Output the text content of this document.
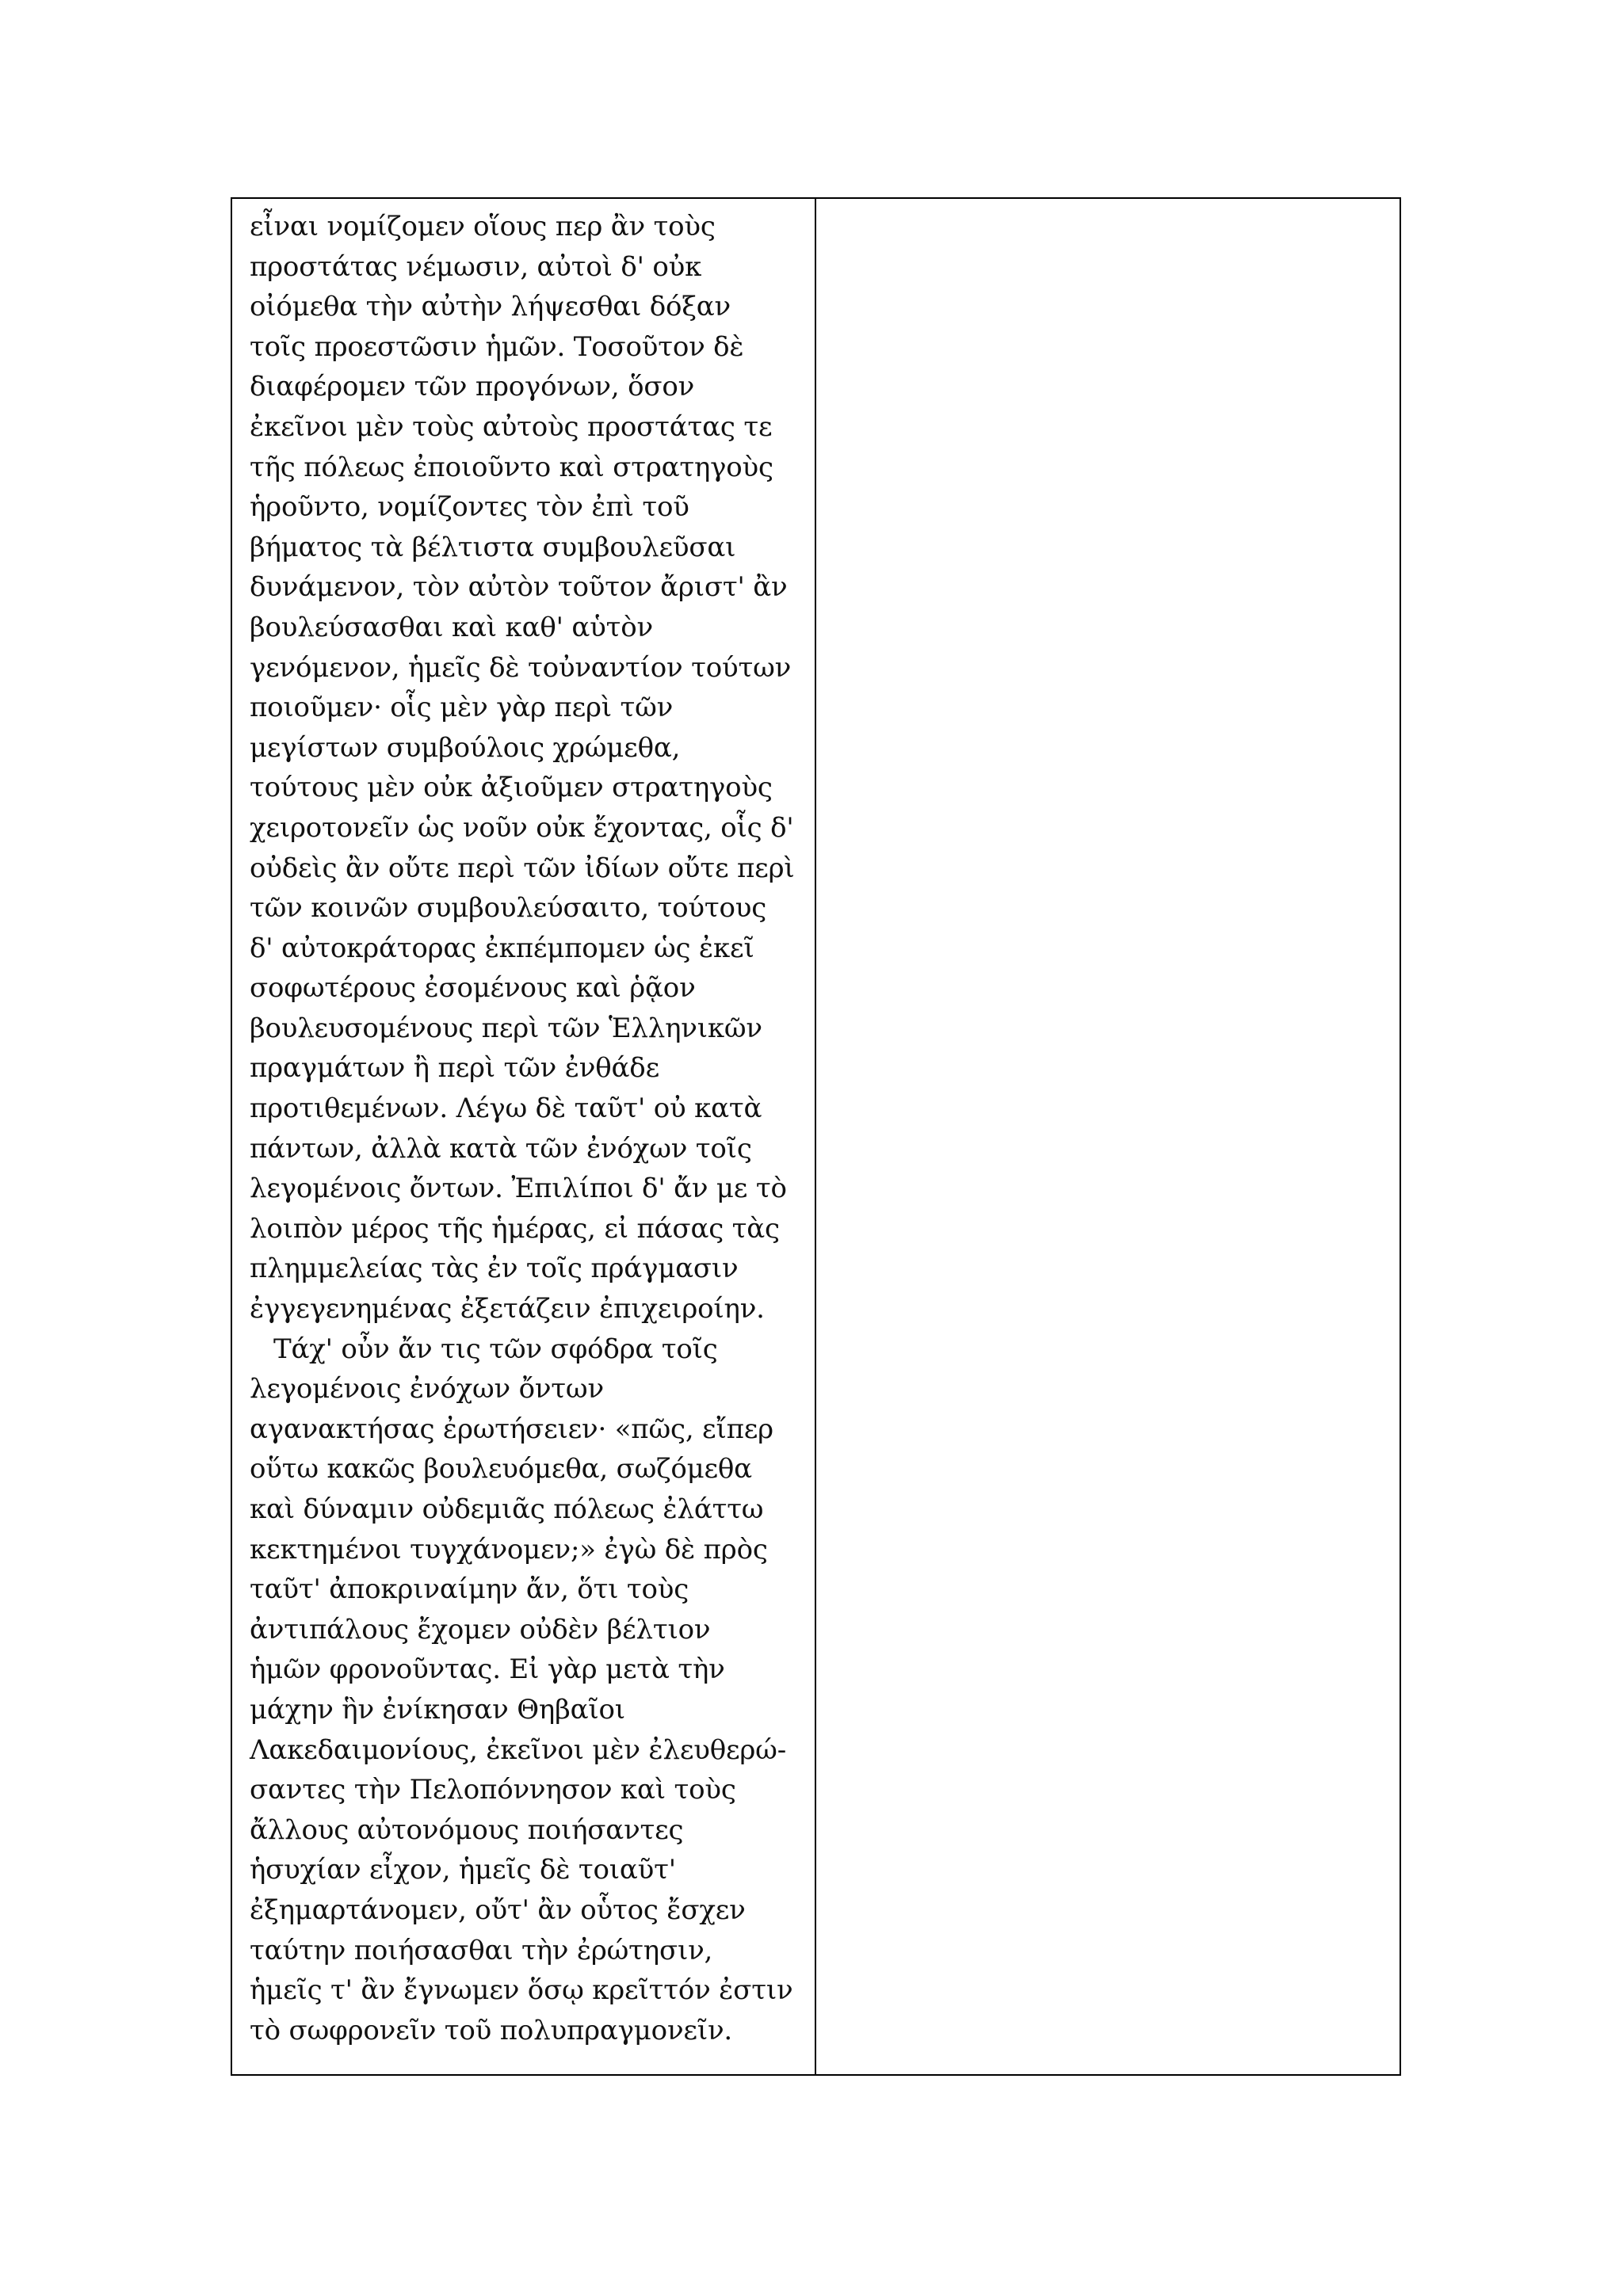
εἶναι νομίζομεν οἵους περ ἂν τοὺς
προστάτας νέμωσιν, αὐτοὶ δ' οὐκ
οἰόμεθα τὴν αὐτὴν λήψεσθαι δόξαν
τοῖς προεστῶσιν ἡμῶν. Τοσοῦτον δὲ
διαφέρομεν τῶν προγόνων, ὅσον
ἐκεῖνοι μὲν τοὺς αὐτοὺς προστάτας τε
τῆς πόλεως ἐποιοῦντο καὶ στρατηγοὺς
ἡροῦντο, νομίζοντες τὸν ἐπὶ τοῦ
βήματος τὰ βέλτιστα συμβουλεῦσαι
δυνάμενον, τὸν αὐτὸν τοῦτον ἄριστ' ἂν
βουλεύσασθαι καὶ καθ' αὑτὸν
γενόμενον, ἡμεῖς δὲ τοὐναντίον τούτων
ποιοῦμεν· οἷς μὲν γὰρ περὶ τῶν
μεγίστων συμβούλοις χρώμεθα,
τούτους μὲν οὐκ ἀξιοῦμεν στρατηγοὺς
χειροτονεῖν ὡς νοῦν οὐκ ἔχοντας, οἷς δ'
οὐδεὶς ἂν οὔτε περὶ τῶν ἰδίων οὔτε περὶ
τῶν κοινῶν συμβουλεύσαιτο, τούτους
δ' αὐτοκράτορας ἐκπέμπομεν ὡς ἐκεῖ
σοφωτέρους ἐσομένους καὶ ῥᾷον
βουλευσομένους περὶ τῶν Ἑλληνικῶν
πραγμάτων ἢ περὶ τῶν ἐνθάδε
προτιθεμένων. Λέγω δὲ ταῦτ' οὐ κατὰ
πάντων, ἀλλὰ κατὰ τῶν ἐνόχων τοῖς
λεγομένοις ὄντων. Ἐπιλίποι δ' ἄν με τὸ
λοιπὸν μέρος τῆς ἡμέρας, εἰ πάσας τὰς
πλημμελείας τὰς ἐν τοῖς πράγμασιν
ἐγγεγενημένας ἐξετάζειν ἐπιχειροίην.
Τάχ' οὖν ἄν τις τῶν σφόδρα τοῖς
λεγομένοις ἐνόχων ὄντων
αγανακτήσας ἐρωτήσειεν· «πῶς, εἴπερ
οὕτω κακῶς βουλευόμεθα, σωζόμεθα
καὶ δύναμιν οὐδεμιᾶς πόλεως ἐλάττω
κεκτημένοι τυγχάνομεν;» ἐγὼ δὲ πρὸς
ταῦτ' ἀποκριναίμην ἄν, ὅτι τοὺς
ἀντιπάλους ἔχομεν οὐδὲν βέλτιον
ἡμῶν φρονοῦντας. Εἰ γὰρ μετὰ τὴν
μάχην ἣν ἐνίκησαν Θηβαῖοι
Λακεδαιμονίους, ἐκεῖνοι μὲν ἐλευθερώ-
σαντες τὴν Πελοπόννησον καὶ τοὺς
ἄλλους αὐτονόμους ποιήσαντες
ἡσυχίαν εἶχον, ἡμεῖς δὲ τοιαῦτ'
ἐξημαρτάνομεν, οὔτ' ἂν οὗτος ἔσχεν
ταύτην ποιήσασθαι τὴν ἐρώτησιν,
ἡμεῖς τ' ἂν ἔγνωμεν ὅσῳ κρεῖττόν ἐστιν
τὸ σωφρονεῖν τοῦ πολυπραγμονεῖν.
